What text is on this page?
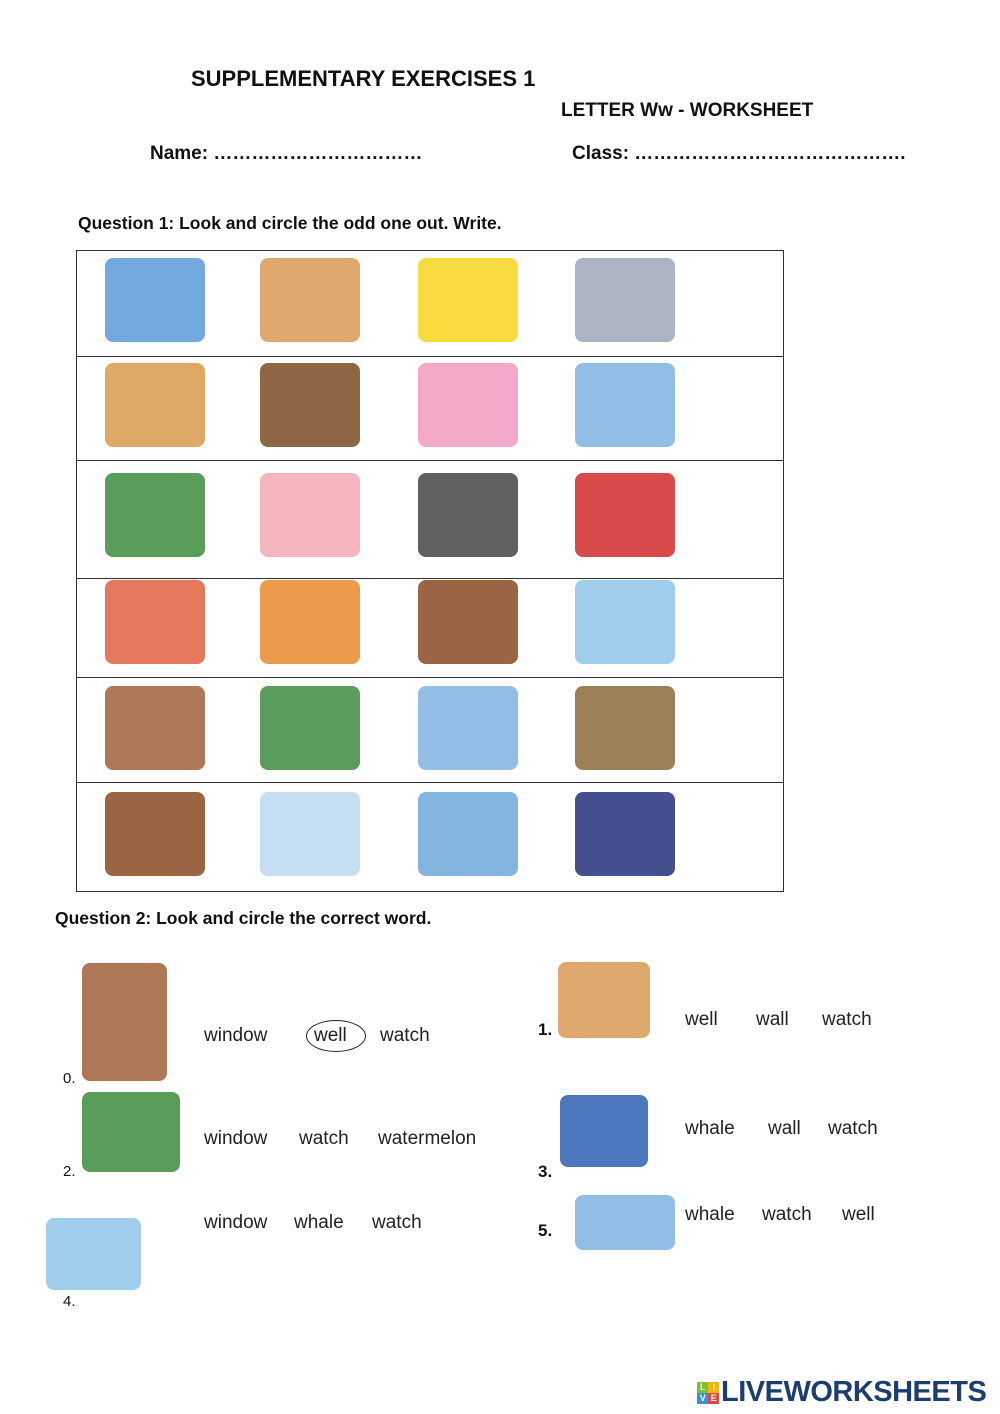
SUPPLEMENTARY EXERCISES 1
LETTER Ww - WORKSHEET
Name: ……………………………	Class: …………………………………….
Question 1: Look and circle the odd one out. Write.
Question 2: Look and circle the correct word.
L I
V E LIVEWORKSHEETS
0.
window well watch	1.	well wall watch
2.
window watch watermelon
3.
whale wall watch
4.
window whale watch	5.
whale watch well
